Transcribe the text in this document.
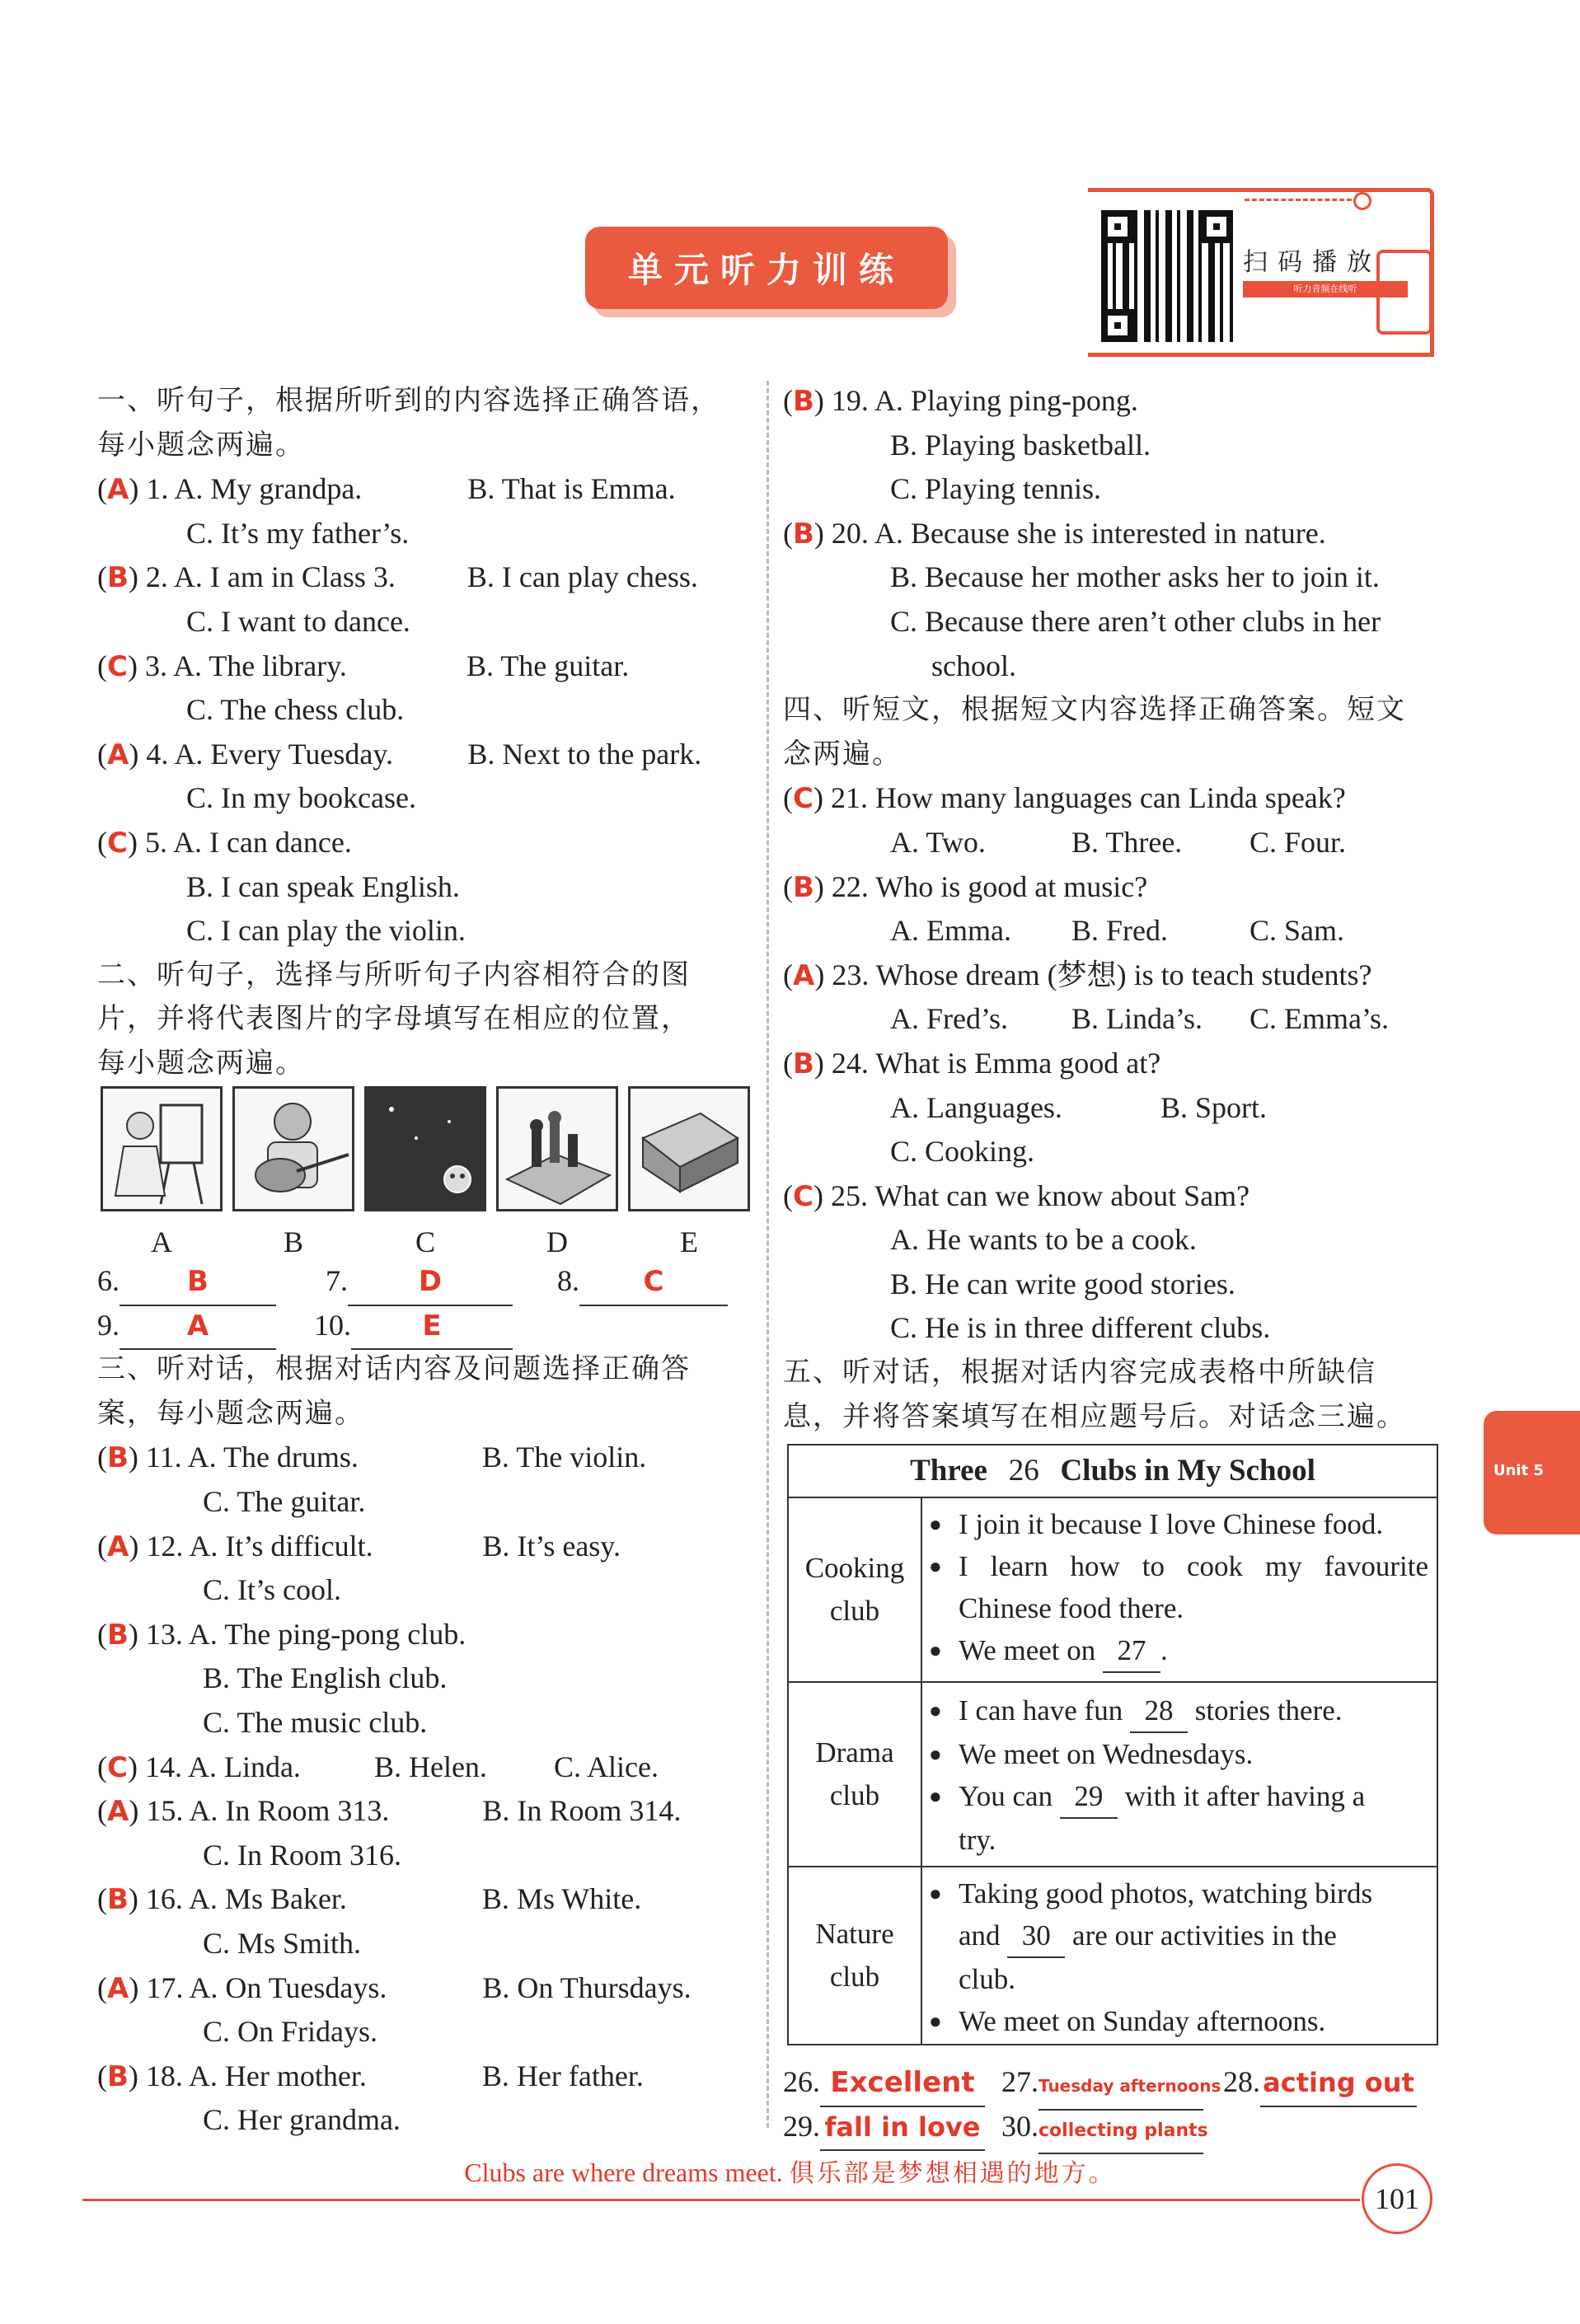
单元听力训练	扫码播放
听力音频在线听
一、听句子，根据所听到的内容选择正确答语，
每小题念两遍。
(A) 1. A. My grandpa.	B. That is Emma.
C. It’s my father’s.
(B) 2. A. I am in Class 3. B. I can play chess.
C. I want to dance.
(C) 3. A. The library.	B. The guitar.
C. The chess club.
(A) 4. A. Every Tuesday.	B. Next to the park.
C. In my bookcase.
(C) 5. A. I can dance.
B. I can speak English.
C. I can play the violin.
二、听句子，选择与所听句子内容相符合的图
片，并将代表图片的字母填写在相应的位置，
每小题念两遍。
A	B	C	D	E
6. B	7.	D	8. C
9. A	10.	E
三、听对话，根据对话内容及问题选择正确答
案，每小题念两遍。
(B) 11. A. The drums.	B. The violin.
C. The guitar.
(A) 12. A. It’s difficult.	B. It’s easy.
C. It’s cool.
(B) 13. A. The ping-pong club.
B. The English club.
C. The music club.
(C) 14. A. Linda. B. Helen. C. Alice.
(A) 15. A. In Room 313.	B. In Room 314.
C. In Room 316.
(B) 16. A. Ms Baker.	B. Ms White.
C. Ms Smith.
(A) 17. A. On Tuesdays.	B. On Thursdays.
C. On Fridays.
(B) 18. A. Her mother.	B. Her father.
C. Her grandma.
(B) 19. A. Playing ping-pong.
B. Playing basketball.
C. Playing tennis.
(B) 20. A. Because she is interested in nature.
B. Because her mother asks her to join it.
C. Because there aren’t other clubs in her
school.
四、听短文，根据短文内容选择正确答案。短文
念两遍。
(C) 21. How many languages can Linda speak?
A. Two.	B. Three. C. Four.
(B) 22. Who is good at music?
A. Emma. B. Fred.	C. Sam.
(A) 23. Whose dream (梦想) is to teach students?
A. Fred’s. B. Linda’s. C. Emma’s.
(B) 24. What is Emma good at?
A. Languages.	B. Sport.
C. Cooking.
(C) 25. What can we know about Sam?
A. He wants to be a cook.
B. He can write good stories.
C. He is in three different clubs.
五、听对话，根据对话内容完成表格中所缺信
息，并将答案填写在相应题号后。对话念三遍。
Three 26 Clubs in My School
Cooking
club
● I join it because I love Chinese food.
● I learn how to cook my favourite
Chinese food there.
● We meet on 27 .
Drama
club
● I can have fun 28 stories there.
● We meet on Wednesdays.
● You can 29 with it after having a
try.
Nature
club
● Taking good photos, watching birds
and 30 are our activities in the
club.
● We meet on Sunday afternoons.
26. Excellent 27.Tuesday afternoons28.acting out
29. fall in love 30.collecting plants
Unit 5
Clubs are where dreams meet. 俱乐部是梦想相遇的地方。
101
